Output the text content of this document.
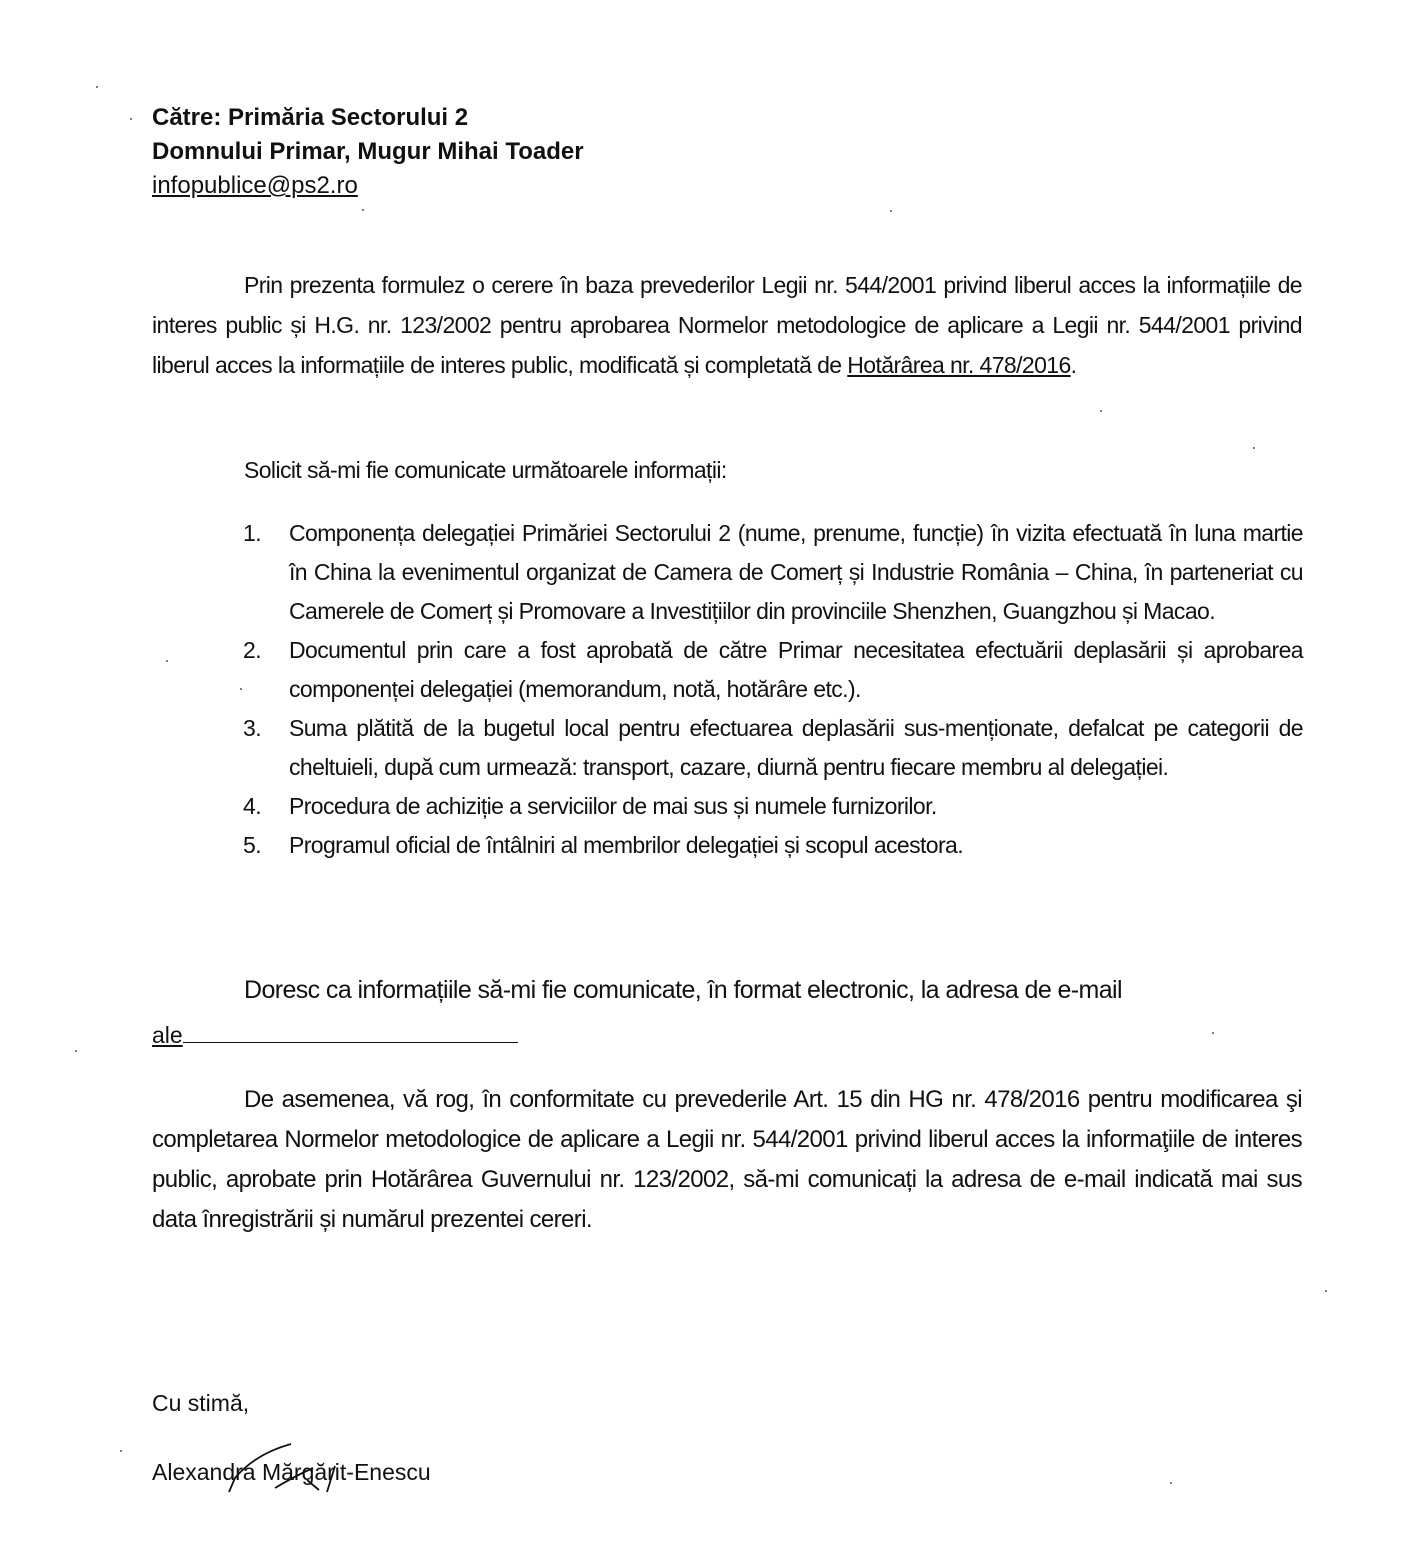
Către: Primăria Sectorului 2
Domnului Primar, Mugur Mihai Toader
infopublice@ps2.ro
Prin prezenta formulez o cerere în baza prevederilor Legii nr. 544/2001 privind liberul acces la informațiile de interes public și H.G. nr. 123/2002 pentru aprobarea Normelor metodologice de aplicare a Legii nr. 544/2001 privind liberul acces la informațiile de interes public, modificată și completată de Hotărârea nr. 478/2016.
Solicit să-mi fie comunicate următoarele informații:
1.	Componența delegației Primăriei Sectorului 2 (nume, prenume, funcție) în vizita efectuată în luna martie în China la evenimentul organizat de Camera de Comerț și Industrie România – China, în parteneriat cu Camerele de Comerț și Promovare a Investițiilor din provinciile Shenzhen, Guangzhou și Macao.
2.	Documentul prin care a fost aprobată de către Primar necesitatea efectuării deplasării și aprobarea componenței delegației (memorandum, notă, hotărâre etc.).
3.	Suma plătită de la bugetul local pentru efectuarea deplasării sus-menționate, defalcat pe categorii de cheltuieli, după cum urmează: transport, cazare, diurnă pentru fiecare membru al delegației.
4.	Procedura de achiziție a serviciilor de mai sus și numele furnizorilor.
5.	Programul oficial de întâlniri al membrilor delegației și scopul acestora.
Doresc ca informațiile să-mi fie comunicate, în format electronic, la adresa de e-mail
ale
De asemenea, vă rog, în conformitate cu prevederile Art. 15 din HG nr. 478/2016 pentru modificarea şi completarea Normelor metodologice de aplicare a Legii nr. 544/2001 privind liberul acces la informaţiile de interes public, aprobate prin Hotărârea Guvernului nr. 123/2002, să-mi comunicați la adresa de e-mail indicată mai sus data înregistrării și numărul prezentei cereri.
Cu stimă,
Alexandra Mărgărit-Enescu
